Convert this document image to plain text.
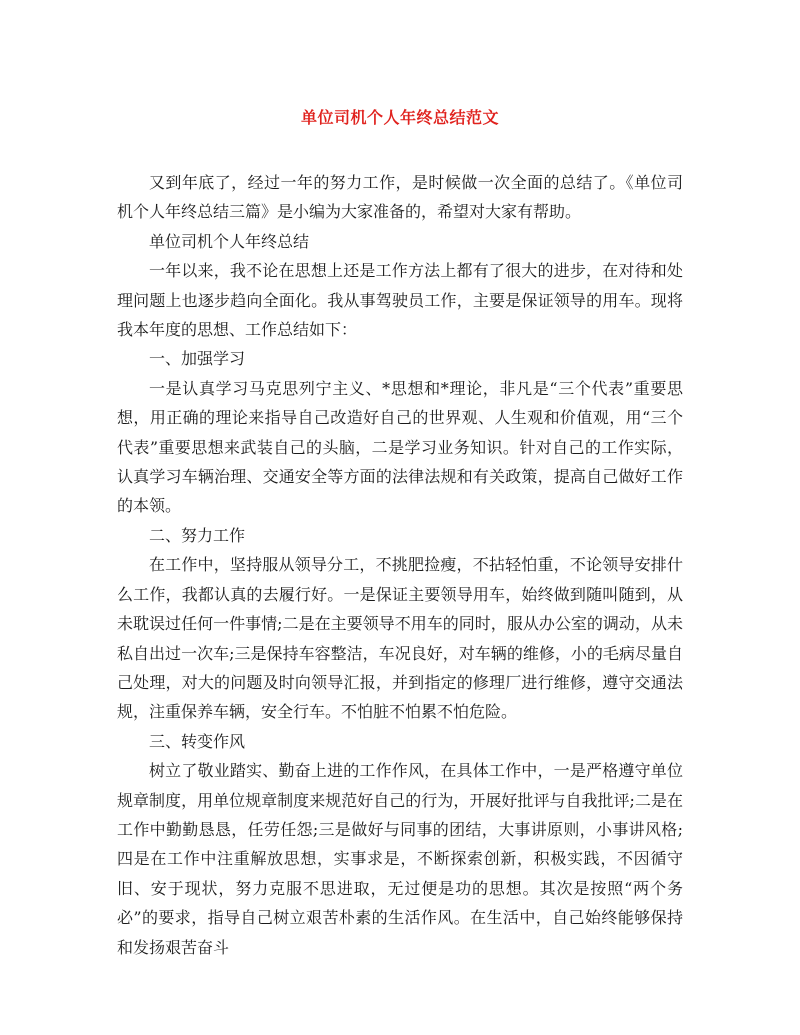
单位司机个人年终总结范文

又到年底了，经过一年的努力工作，是时候做一次全面的总结了。《单位司机个人年终总结三篇》是小编为大家准备的，希望对大家有帮助。

单位司机个人年终总结

一年以来，我不论在思想上还是工作方法上都有了很大的进步，在对待和处理问题上也逐步趋向全面化。我从事驾驶员工作，主要是保证领导的用车。现将我本年度的思想、工作总结如下：

一、加强学习

一是认真学习马克思列宁主义、*思想和*理论，非凡是“三个代表”重要思想，用正确的理论来指导自己改造好自己的世界观、人生观和价值观，用“三个代表”重要思想来武装自己的头脑，二是学习业务知识。针对自己的工作实际，认真学习车辆治理、交通安全等方面的法律法规和有关政策，提高自己做好工作的本领。

二、努力工作

在工作中，坚持服从领导分工，不挑肥捡瘦，不拈轻怕重，不论领导安排什么工作，我都认真的去履行好。一是保证主要领导用车，始终做到随叫随到，从未耽误过任何一件事情;二是在主要领导不用车的同时，服从办公室的调动，从未私自出过一次车;三是保持车容整洁，车况良好，对车辆的维修，小的毛病尽量自己处理，对大的问题及时向领导汇报，并到指定的修理厂进行维修，遵守交通法规，注重保养车辆，安全行车。不怕脏不怕累不怕危险。

三、转变作风

树立了敬业踏实、勤奋上进的工作作风，在具体工作中，一是严格遵守单位规章制度，用单位规章制度来规范好自己的行为，开展好批评与自我批评;二是在工作中勤勤恳恳，任劳任怨;三是做好与同事的团结，大事讲原则，小事讲风格;四是在工作中注重解放思想，实事求是，不断探索创新，积极实践，不因循守旧、安于现状，努力克服不思进取，无过便是功的思想。其次是按照“两个务必”的要求，指导自己树立艰苦朴素的生活作风。在生活中，自己始终能够保持和发扬艰苦奋斗
